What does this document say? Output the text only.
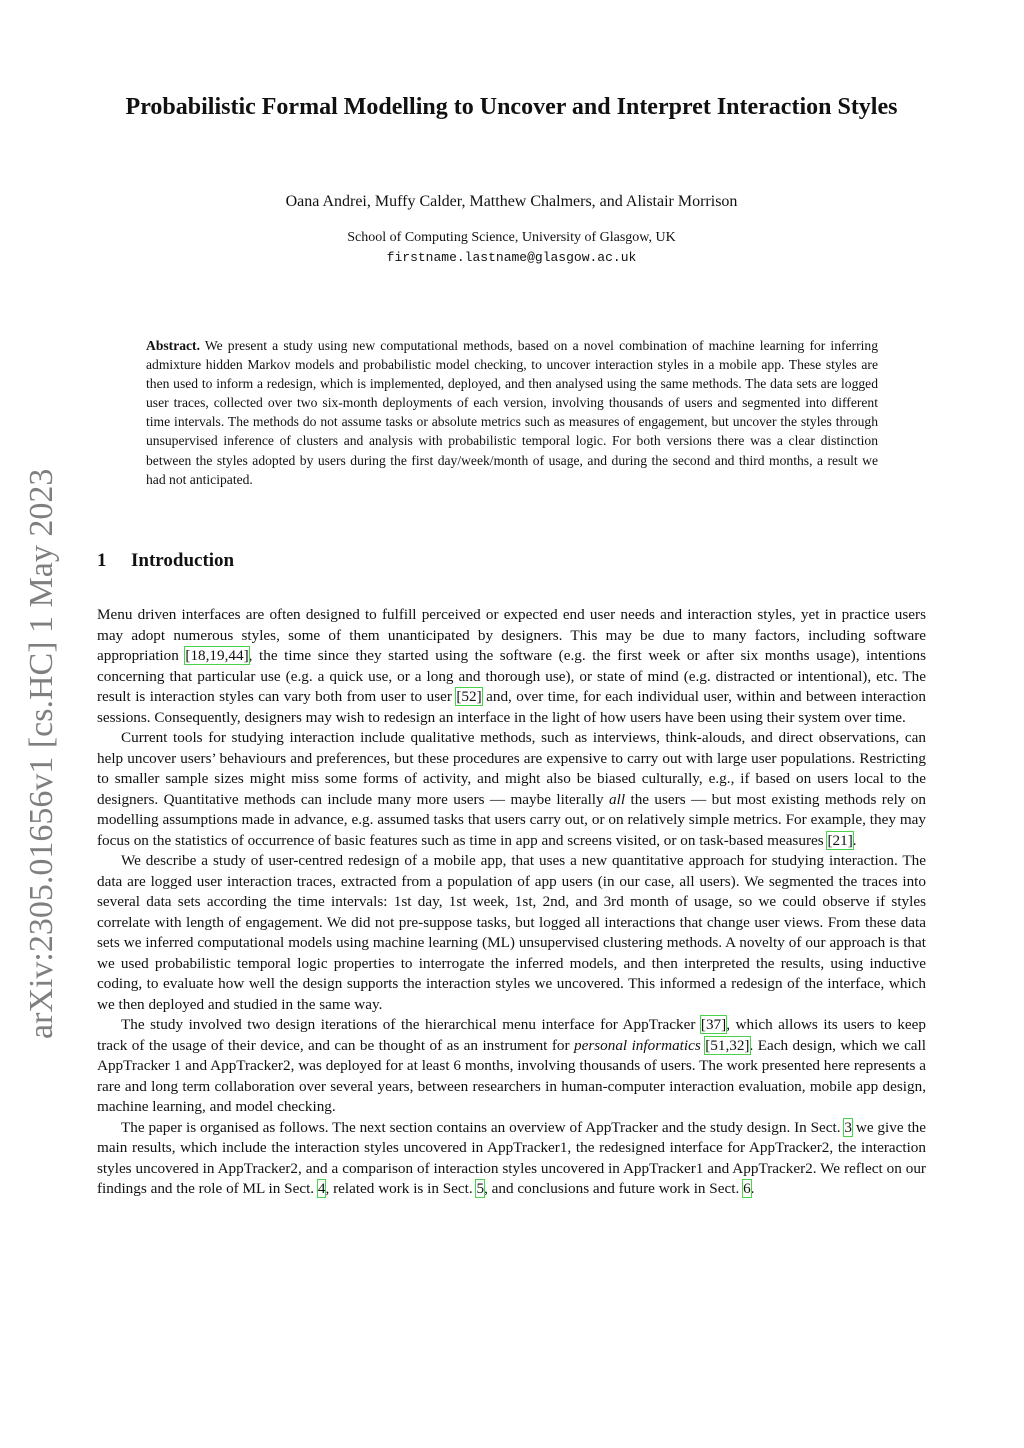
arXiv:2305.01656v1 [cs.HC] 1 May 2023
Probabilistic Formal Modelling to Uncover and Interpret Interaction Styles

Oana Andrei, Muffy Calder, Matthew Chalmers, and Alistair Morrison

School of Computing Science, University of Glasgow, UK
firstname.lastname@glasgow.ac.uk

Abstract. We present a study using new computational methods, based on a novel combination of machine learning for inferring admixture hidden Markov models and probabilistic model checking, to uncover interaction styles in a mobile app. These styles are then used to inform a redesign, which is implemented, deployed, and then analysed using the same methods. The data sets are logged user traces, collected over two six-month deployments of each version, involving thousands of users and segmented into different time intervals. The methods do not assume tasks or absolute metrics such as measures of engagement, but uncover the styles through unsupervised inference of clusters and analysis with probabilistic temporal logic. For both versions there was a clear distinction between the styles adopted by users during the first day/week/month of usage, and during the second and third months, a result we had not anticipated.

1 Introduction

Menu driven interfaces are often designed to fulfill perceived or expected end user needs and interaction styles, yet in practice users may adopt numerous styles, some of them unanticipated by designers. This may be due to many factors, including software appropriation [18,19,44], the time since they started using the software (e.g. the first week or after six months usage), intentions concerning that particular use (e.g. a quick use, or a long and thorough use), or state of mind (e.g. distracted or intentional), etc. The result is interaction styles can vary both from user to user [52] and, over time, for each individual user, within and between interaction sessions. Consequently, designers may wish to redesign an interface in the light of how users have been using their system over time.

Current tools for studying interaction include qualitative methods, such as interviews, think-alouds, and direct observations, can help uncover users’ behaviours and preferences, but these procedures are expensive to carry out with large user populations. Restricting to smaller sample sizes might miss some forms of activity, and might also be biased culturally, e.g., if based on users local to the designers. Quantitative methods can include many more users — maybe literally all the users — but most existing methods rely on modelling assumptions made in advance, e.g. assumed tasks that users carry out, or on relatively simple metrics. For example, they may focus on the statistics of occurrence of basic features such as time in app and screens visited, or on task-based measures [21].

We describe a study of user-centred redesign of a mobile app, that uses a new quantitative approach for studying interaction. The data are logged user interaction traces, extracted from a population of app users (in our case, all users). We segmented the traces into several data sets according the time intervals: 1st day, 1st week, 1st, 2nd, and 3rd month of usage, so we could observe if styles correlate with length of engagement. We did not pre-suppose tasks, but logged all interactions that change user views. From these data sets we inferred computational models using machine learning (ML) unsupervised clustering methods. A novelty of our approach is that we used probabilistic temporal logic properties to interrogate the inferred models, and then interpreted the results, using inductive coding, to evaluate how well the design supports the interaction styles we uncovered. This informed a redesign of the interface, which we then deployed and studied in the same way.

The study involved two design iterations of the hierarchical menu interface for AppTracker [37], which allows its users to keep track of the usage of their device, and can be thought of as an instrument for personal informatics [51,32]. Each design, which we call AppTracker 1 and AppTracker2, was deployed for at least 6 months, involving thousands of users. The work presented here represents a rare and long term collaboration over several years, between researchers in human-computer interaction evaluation, mobile app design, machine learning, and model checking.

The paper is organised as follows. The next section contains an overview of AppTracker and the study design. In Sect. 3 we give the main results, which include the interaction styles uncovered in AppTracker1, the redesigned interface for AppTracker2, the interaction styles uncovered in AppTracker2, and a comparison of interaction styles uncovered in AppTracker1 and AppTracker2. We reflect on our findings and the role of ML in Sect. 4, related work is in Sect. 5, and conclusions and future work in Sect. 6.
